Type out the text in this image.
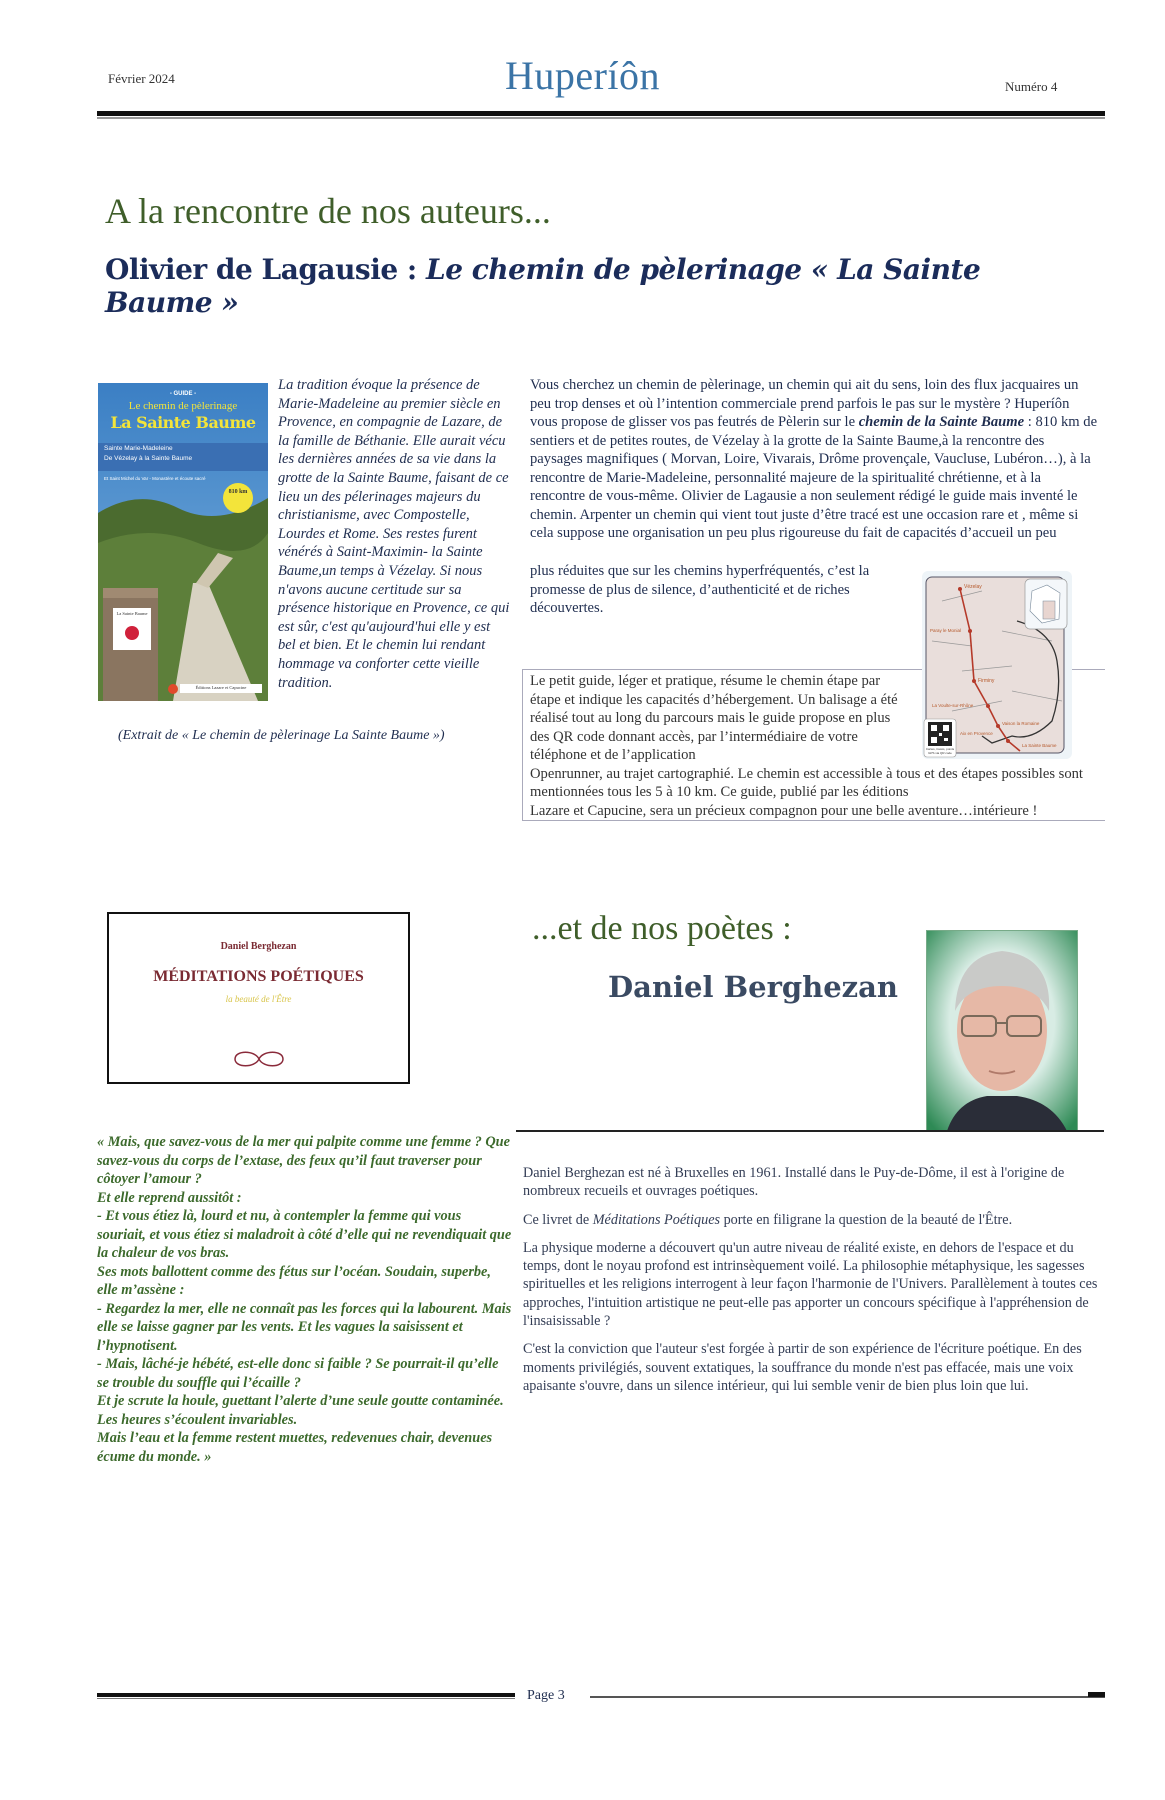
Février 2024	Huperíôn	Numéro 4
A la rencontre de nos auteurs...
Olivier de Lagausie : Le chemin de pèlerinage « La Sainte Baume »
- GUIDE -
Le chemin de pèlerinage
La Sainte Baume
Sainte Marie-Madeleine
De Vézelay à la Sainte Baume
Et Saint Michel du Var - Monastère et écoute sacré
810 km
La Sainte Baume
Éditions Lazare et Capucine
La tradition évoque la présence de Marie-Madeleine au premier siècle en Provence, en compagnie de Lazare, de la famille de Béthanie. Elle aurait vécu les dernières années de sa vie dans la grotte de la Sainte Baume, faisant de ce lieu un des pélerinages majeurs du christianisme, avec Compostelle, Lourdes et Rome. Ses restes furent vénérés à Saint-Maximin- la Sainte Baume,un temps à Vézelay. Si nous n'avons aucune certitude sur sa présence historique en Provence, ce qui est sûr, c'est qu'aujourd'hui elle y est bel et bien. Et le chemin lui rendant hommage va conforter cette vieille tradition.
(Extrait de « Le chemin de pèlerinage La Sainte Baume »)
Vous cherchez un chemin de pèlerinage, un chemin qui ait du sens, loin des flux jacquaires un peu trop denses et où l’intention commerciale prend parfois le pas sur le mystère ? Huperíôn vous propose de glisser vos pas feutrés de Pèlerin sur le chemin de la Sainte Baume : 810 km de sentiers et de petites routes, de Vézelay à la grotte de la Sainte Baume,à la rencontre des paysages magnifiques ( Morvan, Loire, Vivarais, Drôme provençale, Vaucluse, Lubéron…), à la rencontre de Marie-Madeleine, personnalité majeure de la spiritualité chrétienne, et à la rencontre de vous-même. Olivier de Lagausie a non seulement rédigé le guide mais inventé le chemin. Arpenter un chemin qui vient tout juste d’être tracé est une occasion rare et , même si cela suppose une organisation un peu plus rigoureuse du fait de capacités d’accueil un peu
plus réduites que sur les chemins hyperfréquentés, c’est la promesse de plus de silence, d’authenticité et de riches découvertes.
Le petit guide, léger et pratique, résume le chemin étape par étape et indique les capacités d’hébergement. Un balisage a été réalisé tout au long du parcours mais le guide propose en plus des QR code donnant accès, par l’intermédiaire de votre téléphone et de l’application
Openrunner, au trajet cartographié. Le chemin est accessible à tous et des étapes possibles sont mentionnées tous les 5 à 10 km. Ce guide, publié par les éditions
Lazare et Capucine, sera un précieux compagnon pour une belle aventure…intérieure !
Vézelay
Paray le Monial
Firminy
La Voulte-sur-Rhône
Vaison la Romaine
Aix en Provence
La Sainte Baume
Cartes, tracés, points GPS via QR code
Daniel Berghezan
MÉDITATIONS POÉTIQUES
la beauté de l'Être
...et de nos poètes :
Daniel Berghezan
« Mais, que savez-vous de la mer qui palpite comme une femme ? Que savez-vous du corps de l’extase, des feux qu’il faut traverser pour côtoyer l’amour ?
Et elle reprend aussitôt :
- Et vous étiez là, lourd et nu, à contempler la femme qui vous souriait, et vous étiez si maladroit à côté d’elle qui ne revendiquait que la chaleur de vos bras.
Ses mots ballottent comme des fétus sur l’océan. Soudain, superbe, elle m’assène :
- Regardez la mer, elle ne connaît pas les forces qui la labourent. Mais elle se laisse gagner par les vents. Et les vagues la saisissent et l’hypnotisent.
- Mais, lâché-je hébété, est-elle donc si faible ? Se pourrait-il qu’elle se trouble du souffle qui l’écaille ?
Et je scrute la houle, guettant l’alerte d’une seule goutte contaminée. Les heures s’écoulent invariables.
Mais l’eau et la femme restent muettes, redevenues chair, devenues écume du monde. »

Daniel Berghezan est né à Bruxelles en 1961. Installé dans le Puy-de-Dôme, il est à l'origine de nombreux recueils et ouvrages poétiques.

Ce livret de Méditations Poétiques porte en filigrane la question de la beauté de l'Être.

La physique moderne a découvert qu'un autre niveau de réalité existe, en dehors de l'espace et du temps, dont le noyau profond est intrinsèquement voilé. La philosophie métaphysique, les sagesses spirituelles et les religions interrogent à leur façon l'harmonie de l'Univers. Parallèlement à toutes ces approches, l'intuition artistique ne peut-elle pas apporter un concours spécifique à l'appréhension de l'insaisissable ?

C'est la conviction que l'auteur s'est forgée à partir de son expérience de l'écriture poétique. En des moments privilégiés, souvent extatiques, la souffrance du monde n'est pas effacée, mais une voix apaisante s'ouvre, dans un silence intérieur, qui lui semble venir de bien plus loin que lui.

Page 3
